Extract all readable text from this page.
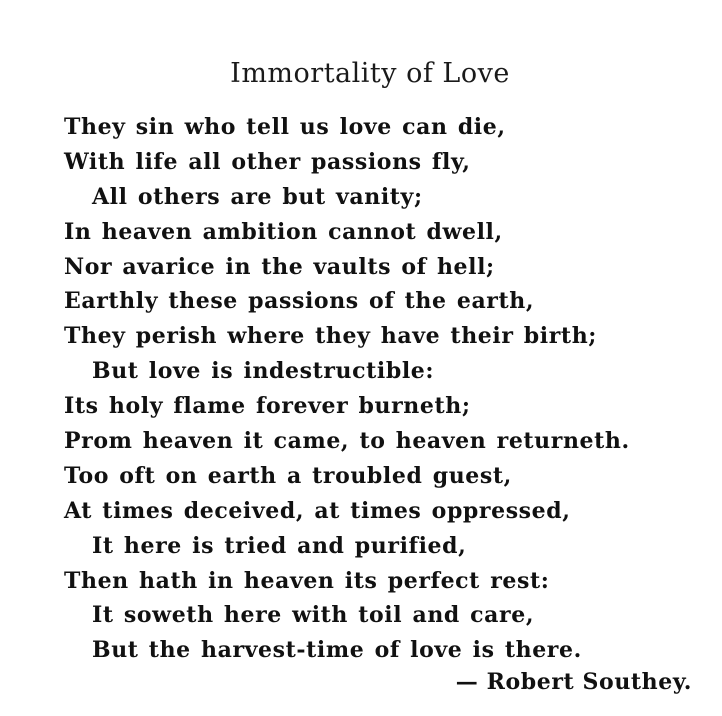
Immortality of Love
They sin who tell us love can die,
With life all other passions fly,
All others are but vanity;
In heaven ambition cannot dwell,
Nor avarice in the vaults of hell;
Earthly these passions of the earth,
They perish where they have their birth;
But love is indestructible:
Its holy flame forever burneth;
Prom heaven it came, to heaven returneth.
Too oft on earth a troubled guest,
At times deceived, at times oppressed,
It here is tried and purified,
Then hath in heaven its perfect rest:
It soweth here with toil and care,
But the harvest-time of love is there.
— Robert Southey.
